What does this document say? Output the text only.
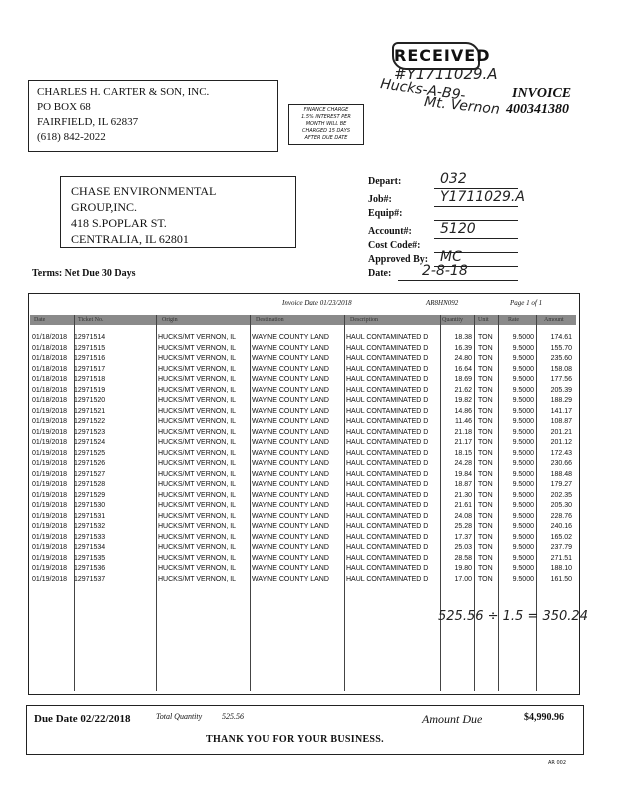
RECEIVED
#Y1711029.A
Hucks-A-B9-
Mt. Vernon
INVOICE
400341380
CHARLES H. CARTER & SON, INC.
PO BOX 68
FAIRFIELD, IL 62837
(618) 842-2022
FINANCE CHARGE
1.5% INTEREST PER
MONTH WILL BE
CHARGED 15 DAYS
AFTER DUE DATE
CHASE ENVIRONMENTAL
GROUP,INC.
418 S.POPLAR ST.
CENTRALIA, IL 62801
Depart:	032
Job#:	Y1711029.A
Equip#:
Account#: 5120
Cost Code#:
Approved By: MC
Date: 2-8-18
Terms: Net Due 30 Days
Invoice Date 01/23/2018	AR8HN092	Page 1 of 1
Date	Ticket No.	Origin	Destination	Description	Quantity	Unit	Rate	Amount
01/18/2018 12971514	HUCKS/MT VERNON, IL	WAYNE COUNTY LAND	HAUL CONTAMINATED D	18.38 TON	9.5000	174.61
01/18/2018 12971515	HUCKS/MT VERNON, IL	WAYNE COUNTY LAND	HAUL CONTAMINATED D	16.39 TON	9.5000	155.70
01/18/2018 12971516	HUCKS/MT VERNON, IL	WAYNE COUNTY LAND	HAUL CONTAMINATED D	24.80 TON	9.5000	235.60
01/18/2018 12971517	HUCKS/MT VERNON, IL	WAYNE COUNTY LAND	HAUL CONTAMINATED D	16.64 TON	9.5000	158.08
01/18/2018 12971518	HUCKS/MT VERNON, IL	WAYNE COUNTY LAND	HAUL CONTAMINATED D	18.69 TON	9.5000	177.56
01/18/2018 12971519	HUCKS/MT VERNON, IL	WAYNE COUNTY LAND	HAUL CONTAMINATED D	21.62 TON	9.5000	205.39
01/18/2018 12971520	HUCKS/MT VERNON, IL	WAYNE COUNTY LAND	HAUL CONTAMINATED D	19.82 TON	9.5000	188.29
01/19/2018 12971521	HUCKS/MT VERNON, IL	WAYNE COUNTY LAND	HAUL CONTAMINATED D	14.86 TON	9.5000	141.17
01/19/2018 12971522	HUCKS/MT VERNON, IL	WAYNE COUNTY LAND	HAUL CONTAMINATED D	11.46 TON	9.5000	108.87
01/19/2018 12971523	HUCKS/MT VERNON, IL	WAYNE COUNTY LAND	HAUL CONTAMINATED D	21.18 TON	9.5000	201.21
01/19/2018 12971524	HUCKS/MT VERNON, IL	WAYNE COUNTY LAND	HAUL CONTAMINATED D	21.17 TON	9.5000	201.12
01/19/2018 12971525	HUCKS/MT VERNON, IL	WAYNE COUNTY LAND	HAUL CONTAMINATED D	18.15 TON	9.5000	172.43
01/19/2018 12971526	HUCKS/MT VERNON, IL	WAYNE COUNTY LAND	HAUL CONTAMINATED D	24.28 TON	9.5000	230.66
01/19/2018 12971527	HUCKS/MT VERNON, IL	WAYNE COUNTY LAND	HAUL CONTAMINATED D	19.84 TON	9.5000	188.48
01/19/2018 12971528	HUCKS/MT VERNON, IL	WAYNE COUNTY LAND	HAUL CONTAMINATED D	18.87 TON	9.5000	179.27
01/19/2018 12971529	HUCKS/MT VERNON, IL	WAYNE COUNTY LAND	HAUL CONTAMINATED D	21.30 TON	9.5000	202.35
01/19/2018 12971530	HUCKS/MT VERNON, IL	WAYNE COUNTY LAND	HAUL CONTAMINATED D	21.61 TON	9.5000	205.30
01/19/2018 12971531	HUCKS/MT VERNON, IL	WAYNE COUNTY LAND	HAUL CONTAMINATED D	24.08 TON	9.5000	228.76
01/19/2018 12971532	HUCKS/MT VERNON, IL	WAYNE COUNTY LAND	HAUL CONTAMINATED D	25.28 TON	9.5000	240.16
01/19/2018 12971533	HUCKS/MT VERNON, IL	WAYNE COUNTY LAND	HAUL CONTAMINATED D	17.37 TON	9.5000	165.02
01/19/2018 12971534	HUCKS/MT VERNON, IL	WAYNE COUNTY LAND	HAUL CONTAMINATED D	25.03 TON	9.5000	237.79
01/19/2018 12971535	HUCKS/MT VERNON, IL	WAYNE COUNTY LAND	HAUL CONTAMINATED D	28.58 TON	9.5000	271.51
01/19/2018 12971536	HUCKS/MT VERNON, IL	WAYNE COUNTY LAND	HAUL CONTAMINATED D	19.80 TON	9.5000	188.10
01/19/2018 12971537	HUCKS/MT VERNON, IL	WAYNE COUNTY LAND	HAUL CONTAMINATED D	17.00 TON	9.5000	161.50
525.56 ÷ 1.5 = 350.24
Due Date 02/22/2018	Total Quantity 525.56	Amount Due	$4,990.96
THANK YOU FOR YOUR BUSINESS.
AR 002
